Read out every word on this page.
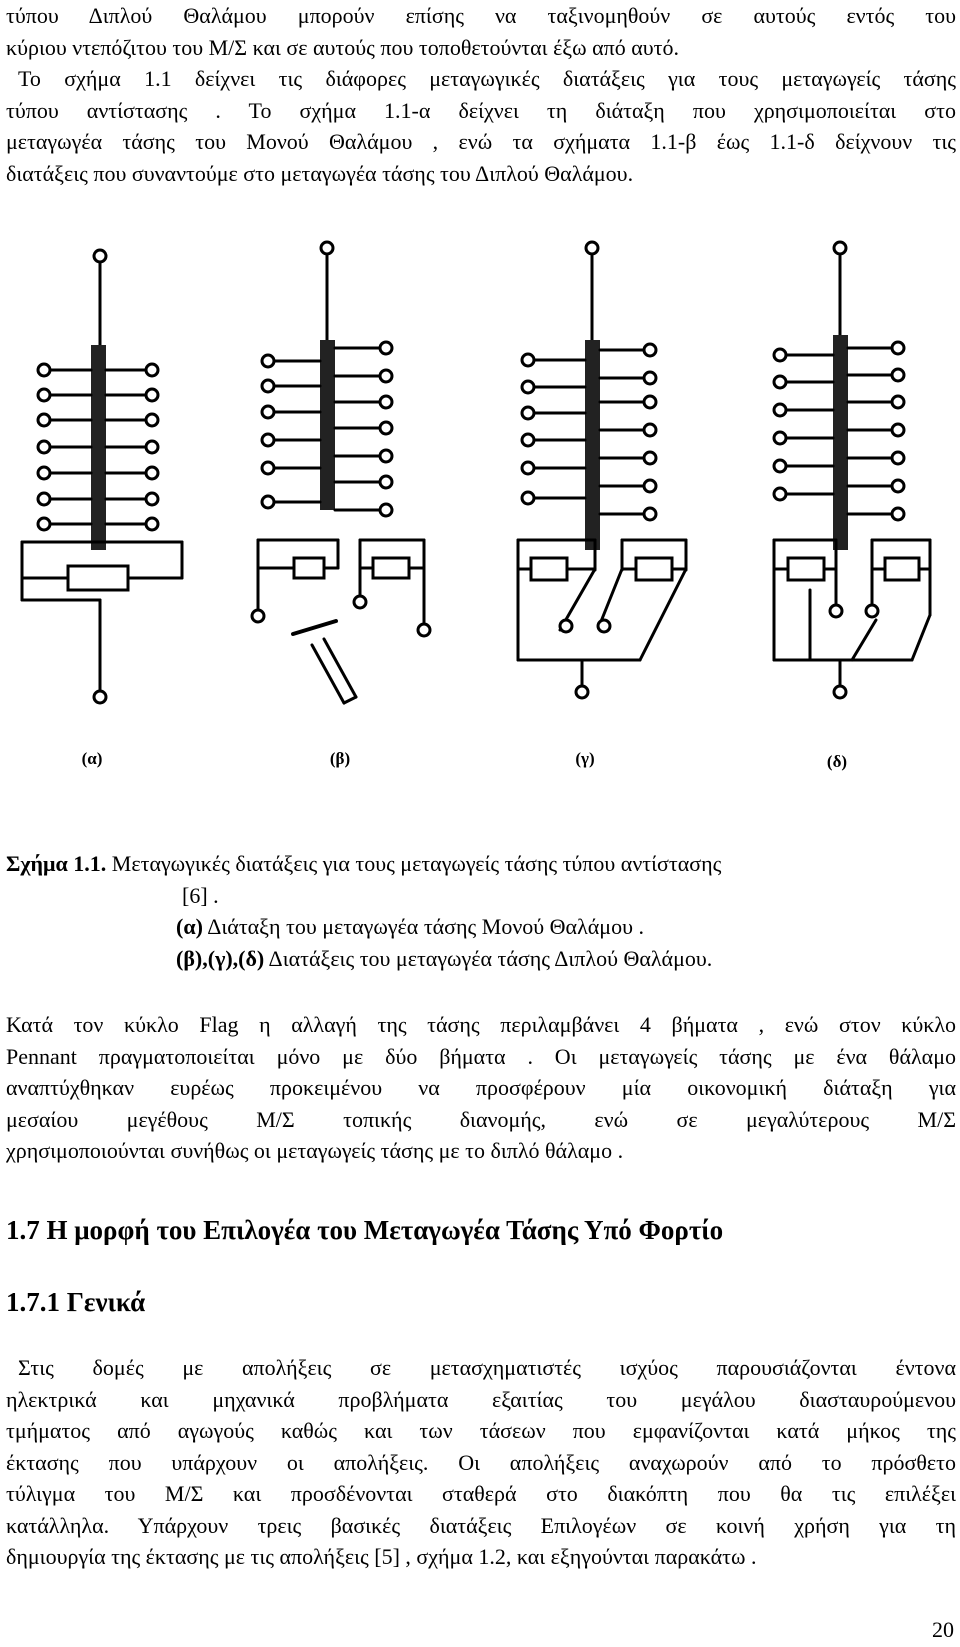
τύπου Διπλού Θαλάμου μπορούν επίσης να ταξινομηθούν σε αυτούς εντός του
κύριου ντεπόζιτου του Μ/Σ και σε αυτούς που τοποθετούνται έξω από αυτό.
Το σχήμα 1.1 δείχνει τις διάφορες μεταγωγικές διατάξεις για τους μεταγωγείς τάσης
τύπου αντίστασης . Το σχήμα 1.1-α δείχνει τη διάταξη που χρησιμοποιείται στο
μεταγωγέα τάσης του Μονού Θαλάμου , ενώ τα σχήματα 1.1-β έως 1.1-δ δείχνουν τις
διατάξεις που συναντούμε στο μεταγωγέα τάσης του Διπλού Θαλάμου.

(α)	(β)	(γ)	(δ)
Σχήμα 1.1. Μεταγωγικές διατάξεις για τους μεταγωγείς τάσης τύπου αντίστασης
[6] .
(α) Διάταξη του μεταγωγέα τάσης Μονού Θαλάμου .
(β),(γ),(δ) Διατάξεις του μεταγωγέα τάσης Διπλού Θαλάμου.

Κατά τον κύκλο Flag η αλλαγή της τάσης περιλαμβάνει 4 βήματα , ενώ στον κύκλο
Pennant πραγματοποιείται μόνο με δύο βήματα . Οι μεταγωγείς τάσης με ένα θάλαμο
αναπτύχθηκαν ευρέως προκειμένου να προσφέρουν μία οικονομική διάταξη για
μεσαίου μεγέθους Μ/Σ τοπικής διανομής, ενώ σε μεγαλύτερους Μ/Σ
χρησιμοποιούνται συνήθως οι μεταγωγείς τάσης με το διπλό θάλαμο .

1.7 Η μορφή του Επιλογέα του Μεταγωγέα Τάσης Υπό Φορτίο
1.7.1 Γενικά

Στις δομές με απολήξεις σε μετασχηματιστές ισχύος παρουσιάζονται έντονα
ηλεκτρικά και μηχανικά προβλήματα εξαιτίας του μεγάλου διασταυρούμενου
τμήματος από αγωγούς καθώς και των τάσεων που εμφανίζονται κατά μήκος της
έκτασης που υπάρχουν οι απολήξεις. Οι απολήξεις αναχωρούν από το πρόσθετο
τύλιγμα του Μ/Σ και προσδένονται σταθερά στο διακόπτη που θα τις επιλέξει
κατάλληλα. Υπάρχουν τρεις βασικές διατάξεις Επιλογέων σε κοινή χρήση για τη
δημιουργία της έκτασης με τις απολήξεις [5] , σχήμα 1.2, και εξηγούνται παρακάτω .

20
